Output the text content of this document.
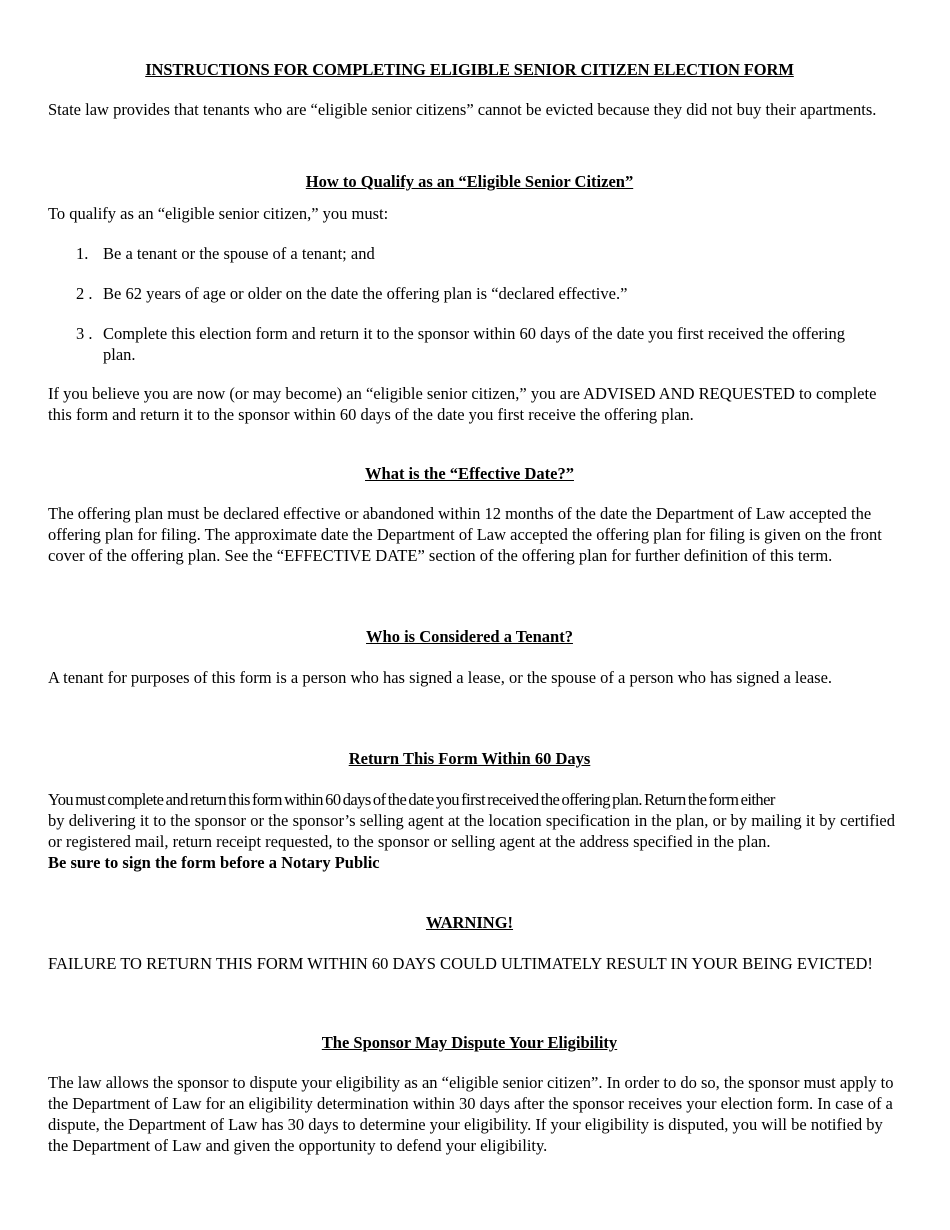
INSTRUCTIONS FOR COMPLETING ELIGIBLE SENIOR CITIZEN ELECTION FORM
State law provides that tenants who are “eligible senior citizens” cannot be evicted because they did not buy their apartments.
How to Qualify as an “Eligible Senior Citizen”
To qualify as an “eligible senior citizen,” you must:
1. Be a tenant or the spouse of a tenant; and
2 . Be 62 years of age or older on the date the offering plan is “declared effective.”
3 . Complete this election form and return it to the sponsor within 60 days of the date you first received the offering plan.
If you believe you are now (or may become) an “eligible senior citizen,” you are ADVISED AND REQUESTED to complete this form and return it to the sponsor within 60 days of the date you first receive the offering plan.
What is the “Effective Date?”
The offering plan must be declared effective or abandoned within 12 months of the date the Department of Law accepted the offering plan for filing. The approximate date the Department of Law accepted the offering plan for filing is given on the front cover of the offering plan. See the “EFFECTIVE DATE” section of the offering plan for further definition of this term.
Who is Considered a Tenant?
A tenant for purposes of this form is a person who has signed a lease, or the spouse of a person who has signed a lease.
Return This Form Within 60 Days
You must complete and return this form within 60 days of the date you first received the offering plan. Return the form either
by delivering it to the sponsor or the sponsor’s selling agent at the location specification in the plan, or by mailing it by certified or registered mail, return receipt requested, to the sponsor or selling agent at the address specified in the plan.
Be sure to sign the form before a Notary Public
WARNING!
FAILURE TO RETURN THIS FORM WITHIN 60 DAYS COULD ULTIMATELY RESULT IN YOUR BEING EVICTED!
The Sponsor May Dispute Your Eligibility
The law allows the sponsor to dispute your eligibility as an “eligible senior citizen”. In order to do so, the sponsor must apply to the Department of Law for an eligibility determination within 30 days after the sponsor receives your election form. In case of a dispute, the Department of Law has 30 days to determine your eligibility. If your eligibility is disputed, you will be notified by the Department of Law and given the opportunity to defend your eligibility.
